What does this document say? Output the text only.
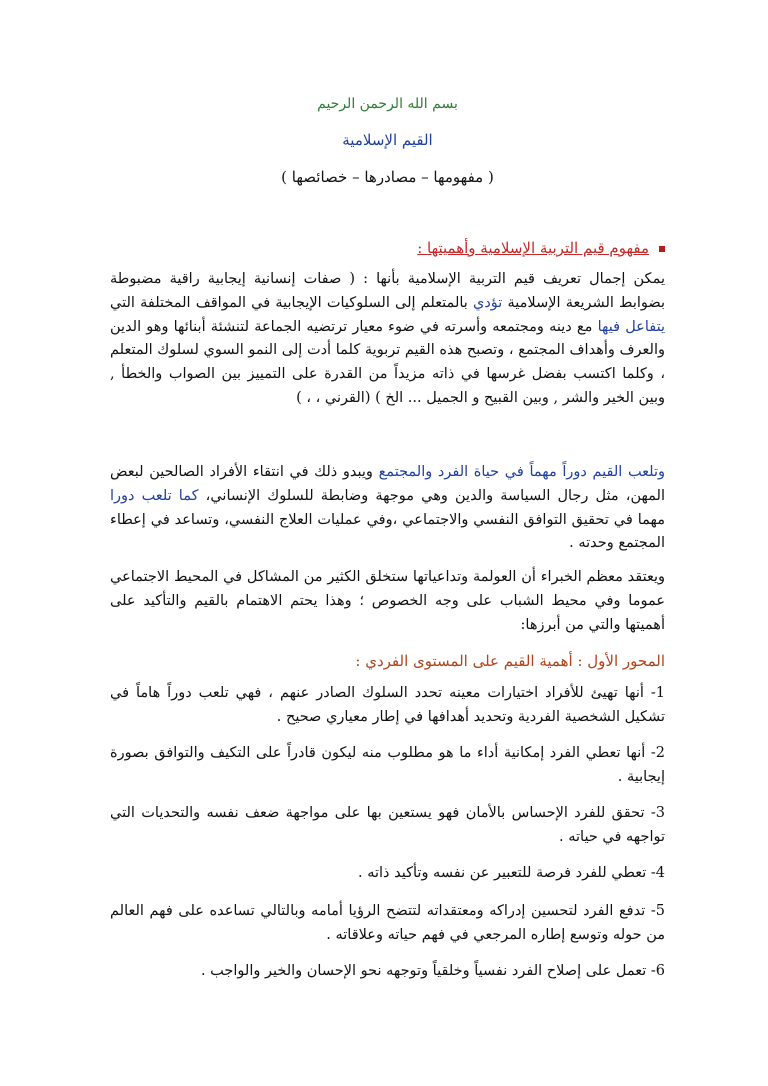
بسم الله الرحمن الرحيم
القيم الإسلامية
( مفهومها – مصادرها – خصائصها )
مفهوم قيم التربية الإسلامية وأهميتها :
يمكن إجمال تعريف قيم التربية الإسلامية بأنها : ( صفات إنسانية إيجابية راقية مضبوطة بضوابط الشريعة الإسلامية تؤدي بالمتعلم إلى السلوكيات الإيجابية في المواقف المختلفة التي يتفاعل فيها مع دينه ومجتمعه وأسرته في ضوء معيار ترتضيه الجماعة لتنشئة أبنائها وهو الدين والعرف وأهداف المجتمع ، وتصبح هذه القيم تربوية كلما أدت إلى النمو السوي لسلوك المتعلم ، وكلما اكتسب بفضل غرسها في ذاته مزيداً من القدرة على التمييز بين الصواب والخطأ , وبين الخير والشر , وبين القبيح و الجميل ... الخ ) (القرني ، ، )
وتلعب القيم دوراً مهماً في حياة الفرد والمجتمع ويبدو ذلك في انتقاء الأفراد الصالحين لبعض المهن، مثل رجال السياسة والدين وهي موجهة وضابطة للسلوك الإنساني، كما تلعب دورا مهما في تحقيق التوافق النفسي والاجتماعي ،وفي عمليات العلاج النفسي، وتساعد في إعطاء المجتمع وحدته .
ويعتقد معظم الخبراء أن العولمة وتداعياتها ستخلق الكثير من المشاكل في المحيط الاجتماعي عموما وفي محيط الشباب على وجه الخصوص ؛ وهذا يحتم الاهتمام بالقيم والتأكيد على أهميتها والتي من أبرزها:
المحور الأول : أهمية القيم على المستوى الفردي :
1- أنها تهيئ للأفراد اختيارات معينه تحدد السلوك الصادر عنهم ، فهي تلعب دوراً هاماً في تشكيل الشخصية الفردية وتحديد أهدافها في إطار معياري صحيح .
2- أنها تعطي الفرد إمكانية أداء ما هو مطلوب منه ليكون قادراً على التكيف والتوافق بصورة إيجابية .
3- تحقق للفرد الإحساس بالأمان فهو يستعين بها على مواجهة ضعف نفسه والتحديات التي تواجهه في حياته .
4- تعطي للفرد فرصة للتعبير عن نفسه وتأكيد ذاته .
5- تدفع الفرد لتحسين إدراكه ومعتقداته لتتضح الرؤيا أمامه وبالتالي تساعده على فهم العالم من حوله وتوسع إطاره المرجعي في فهم حياته وعلاقاته .
6- تعمل على إصلاح الفرد نفسياً وخلقياً وتوجهه نحو الإحسان والخير والواجب .
